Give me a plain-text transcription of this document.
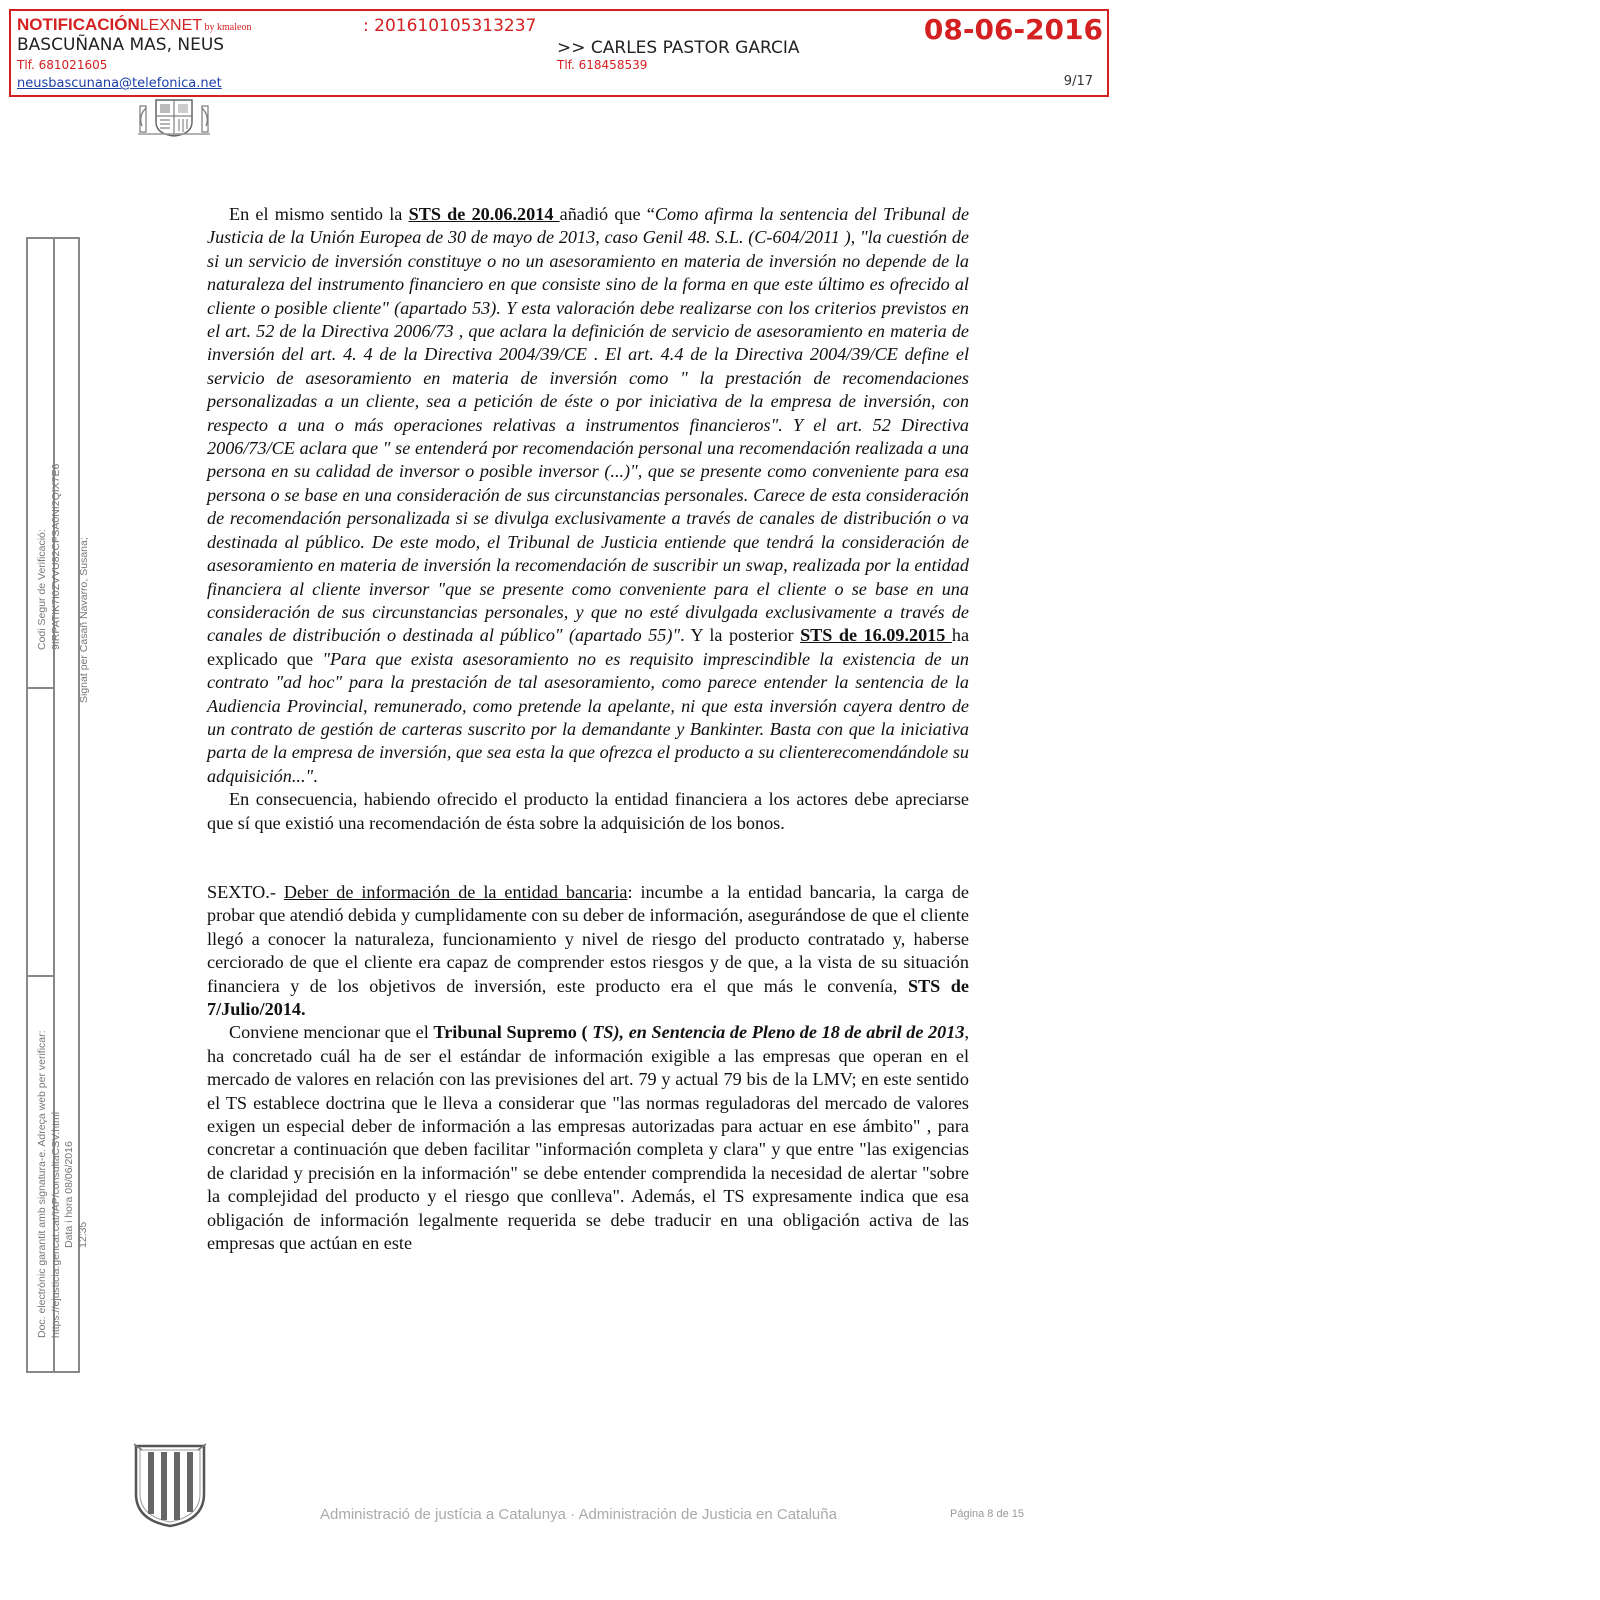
NOTIFICACIÓNLEXNET by kmaleon	: 201610105313237
BASCUÑANA MAS, NEUS
Tlf. 681021605
neusbascunana@telefonica.net
>> CARLES PASTOR GARCIA
Tlf. 618458539
08-06-2016
9/17
Codi Segur de Verificació: 9IRPATIK7I0ZVVU82CFSA0NI2QIX7E6 Signat per Casañ Navarro, Susana;
Doc. electrònic garantit amb signatura-e. Adreça web per verificar: https://ejusticia.gencat.cat/IAP/consultaCSV.html Data i hora 08/06/2016 12:35

En el mismo sentido la STS de 20.06.2014 añadió que “Como afirma la sentencia del Tribunal de Justicia de la Unión Europea de 30 de mayo de 2013, caso Genil 48. S.L. (C-604/2011 ), "la cuestión de si un servicio de inversión constituye o no un asesoramiento en materia de inversión no depende de la naturaleza del instrumento financiero en que consiste sino de la forma en que este último es ofrecido al cliente o posible cliente" (apartado 53). Y esta valoración debe realizarse con los criterios previstos en el art. 52 de la Directiva 2006/73 , que aclara la definición de servicio de asesoramiento en materia de inversión del art. 4. 4 de la Directiva 2004/39/CE . El art. 4.4 de la Directiva 2004/39/CE define el servicio de asesoramiento en materia de inversión como " la prestación de recomendaciones personalizadas a un cliente, sea a petición de éste o por iniciativa de la empresa de inversión, con respecto a una o más operaciones relativas a instrumentos financieros". Y el art. 52 Directiva 2006/73/CE aclara que " se entenderá por recomendación personal una recomendación realizada a una persona en su calidad de inversor o posible inversor (...)", que se presente como conveniente para esa persona o se base en una consideración de sus circunstancias personales. Carece de esta consideración de recomendación personalizada si se divulga exclusivamente a través de canales de distribución o va destinada al público. De este modo, el Tribunal de Justicia entiende que tendrá la consideración de asesoramiento en materia de inversión la recomendación de suscribir un swap, realizada por la entidad financiera al cliente inversor "que se presente como conveniente para el cliente o se base en una consideración de sus circunstancias personales, y que no esté divulgada exclusivamente a través de canales de distribución o destinada al público" (apartado 55)". Y la posterior STS de 16.09.2015 ha explicado que "Para que exista asesoramiento no es requisito imprescindible la existencia de un contrato "ad hoc" para la prestación de tal asesoramiento, como parece entender la sentencia de la Audiencia Provincial, remunerado, como pretende la apelante, ni que esta inversión cayera dentro de un contrato de gestión de carteras suscrito por la demandante y Bankinter. Basta con que la iniciativa parta de la empresa de inversión, que sea esta la que ofrezca el producto a su clienterecomendándole su adquisición...".

En consecuencia, habiendo ofrecido el producto la entidad financiera a los actores debe apreciarse que sí que existió una recomendación de ésta sobre la adquisición de los bonos.

SEXTO.- Deber de información de la entidad bancaria: incumbe a la entidad bancaria, la carga de probar que atendió debida y cumplidamente con su deber de información, asegurándose de que el cliente llegó a conocer la naturaleza, funcionamiento y nivel de riesgo del producto contratado y, haberse cerciorado de que el cliente era capaz de comprender estos riesgos y de que, a la vista de su situación financiera y de los objetivos de inversión, este producto era el que más le convenía, STS de 7/Julio/2014.

Conviene mencionar que el Tribunal Supremo ( TS), en Sentencia de Pleno de 18 de abril de 2013, ha concretado cuál ha de ser el estándar de información exigible a las empresas que operan en el mercado de valores en relación con las previsiones del art. 79 y actual 79 bis de la LMV; en este sentido el TS establece doctrina que le lleva a considerar que "las normas reguladoras del mercado de valores exigen un especial deber de información a las empresas autorizadas para actuar en ese ámbito" , para concretar a continuación que deben facilitar "información completa y clara" y que entre "las exigencias de claridad y precisión en la información" se debe entender comprendida la necesidad de alertar "sobre la complejidad del producto y el riesgo que conlleva". Además, el TS expresamente indica que esa obligación de información legalmente requerida se debe traducir en una obligación activa de las empresas que actúan en este

Administració de justícia a Catalunya · Administración de Justicia en Cataluña	Página 8 de 15
